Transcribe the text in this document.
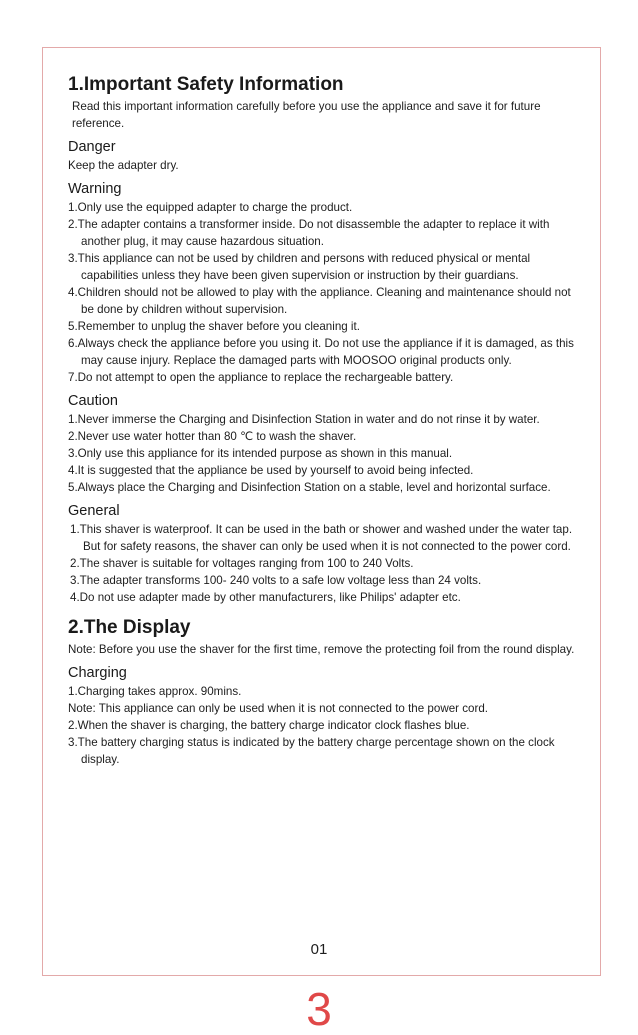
1.Important Safety Information

Read this important information carefully before you use the appliance and save it for future reference.

Danger

Keep the adapter dry.

Warning

1.Only use the equipped adapter to charge the product.

2.The adapter contains a transformer inside. Do not disassemble the adapter to replace it with another plug, it may cause hazardous situation.

3.This appliance can not be used by children and persons with reduced physical or mental capabilities unless they have been given supervision or instruction by their guardians.

4.Children should not be allowed to play with the appliance. Cleaning and maintenance should not be done by children without supervision.

5.Remember to unplug the shaver before you cleaning it.

6.Always check the appliance before you using it. Do not use the appliance if it is damaged, as this may cause injury. Replace the damaged parts with MOOSOO original products only.

7.Do not attempt to open the appliance to replace the rechargeable battery.

Caution

1.Never immerse the Charging and Disinfection Station in water and do not rinse it by water.

2.Never use water hotter than 80 ℃ to wash the shaver.

3.Only use this appliance for its intended purpose as shown in this manual.

4.It is suggested that the appliance be used by yourself to avoid being infected.

5.Always place the Charging and Disinfection Station on a stable, level and horizontal surface.

General

1.This shaver is waterproof. It can be used in the bath or shower and washed under the water tap. But for safety reasons, the shaver can only be used when it is not connected to the power cord.

2.The shaver is suitable for voltages ranging from 100 to 240 Volts.

3.The adapter transforms 100- 240 volts to a safe low voltage less than 24 volts.

4.Do not use adapter made by other manufacturers, like Philips' adapter etc.

2.The Display

Note: Before you use the shaver for the first time, remove the protecting foil from the round display.

Charging

1.Charging takes approx. 90mins.

Note: This appliance can only be used when it is not connected to the power cord.

2.When the shaver is charging, the battery charge indicator clock flashes blue.

3.The battery charging status is indicated by the battery charge percentage shown on the clock display.

01
3
